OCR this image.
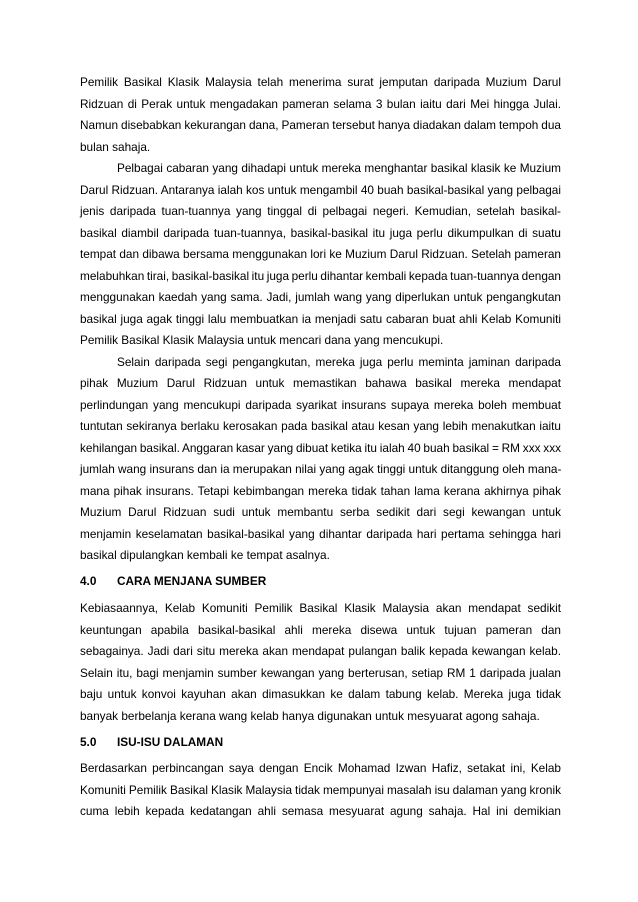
Pemilik Basikal Klasik Malaysia telah menerima surat jemputan daripada Muzium Darul
Ridzuan di Perak untuk mengadakan pameran selama 3 bulan iaitu dari Mei hingga Julai.
Namun disebabkan kekurangan dana, Pameran tersebut hanya diadakan dalam tempoh dua
bulan sahaja.
Pelbagai cabaran yang dihadapi untuk mereka menghantar basikal klasik ke Muzium
Darul Ridzuan. Antaranya ialah kos untuk mengambil 40 buah basikal-basikal yang pelbagai
jenis daripada tuan-tuannya yang tinggal di pelbagai negeri. Kemudian, setelah basikal-
basikal diambil daripada tuan-tuannya, basikal-basikal itu juga perlu dikumpulkan di suatu
tempat dan dibawa bersama menggunakan lori ke Muzium Darul Ridzuan. Setelah pameran
melabuhkan tirai, basikal-basikal itu juga perlu dihantar kembali kepada tuan-tuannya dengan
menggunakan kaedah yang sama. Jadi, jumlah wang yang diperlukan untuk pengangkutan
basikal juga agak tinggi lalu membuatkan ia menjadi satu cabaran buat ahli Kelab Komuniti
Pemilik Basikal Klasik Malaysia untuk mencari dana yang mencukupi.
Selain daripada segi pengangkutan, mereka juga perlu meminta jaminan daripada
pihak Muzium Darul Ridzuan untuk memastikan bahawa basikal mereka mendapat
perlindungan yang mencukupi daripada syarikat insurans supaya mereka boleh membuat
tuntutan sekiranya berlaku kerosakan pada basikal atau kesan yang lebih menakutkan iaitu
kehilangan basikal. Anggaran kasar yang dibuat ketika itu ialah 40 buah basikal = RM xxx xxx
jumlah wang insurans dan ia merupakan nilai yang agak tinggi untuk ditanggung oleh mana-
mana pihak insurans. Tetapi kebimbangan mereka tidak tahan lama kerana akhirnya pihak
Muzium Darul Ridzuan sudi untuk membantu serba sedikit dari segi kewangan untuk
menjamin keselamatan basikal-basikal yang dihantar daripada hari pertama sehingga hari
basikal dipulangkan kembali ke tempat asalnya.
4.0 CARA MENJANA SUMBER
Kebiasaannya, Kelab Komuniti Pemilik Basikal Klasik Malaysia akan mendapat sedikit
keuntungan apabila basikal-basikal ahli mereka disewa untuk tujuan pameran dan
sebagainya. Jadi dari situ mereka akan mendapat pulangan balik kepada kewangan kelab.
Selain itu, bagi menjamin sumber kewangan yang berterusan, setiap RM 1 daripada jualan
baju untuk konvoi kayuhan akan dimasukkan ke dalam tabung kelab. Mereka juga tidak
banyak berbelanja kerana wang kelab hanya digunakan untuk mesyuarat agong sahaja.
5.0 ISU-ISU DALAMAN
Berdasarkan perbincangan saya dengan Encik Mohamad Izwan Hafiz, setakat ini, Kelab
Komuniti Pemilik Basikal Klasik Malaysia tidak mempunyai masalah isu dalaman yang kronik
cuma lebih kepada kedatangan ahli semasa mesyuarat agung sahaja. Hal ini demikian
